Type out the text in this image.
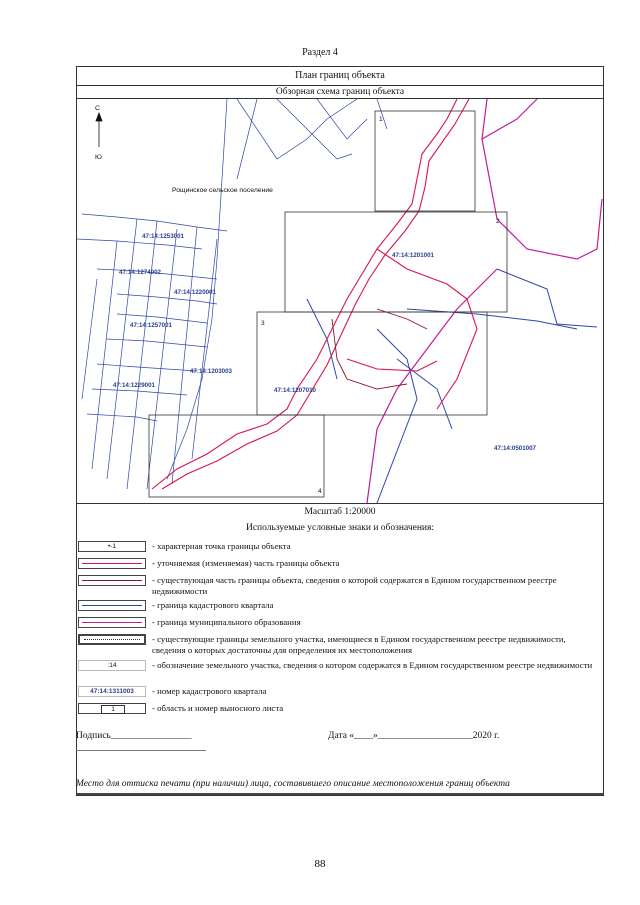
Раздел 4
План границ объекта
Обзорная схема границ объекта
С
Ю
Рощинское сельское поселение
47:14:1253001
47:14:1274002
47:14:1220001
47:14:1257001
47:14:1203003
47:14:1229001
47:14:1201001
47:14:1207010
47:14:0501007
1
2
3
4
Масштаб 1:20000
Используемые условные знаки и обозначения:
•-1	- характерная точка границы объекта
- уточняемая (изменяемая) часть границы объекта
- существующая часть границы объекта, сведения о которой содержатся в Едином государственном реестре недвижимости
- граница кадастрового квартала
- граница муниципального образования
- существующие границы земельного участка, имеющиеся в Едином государственном реестре недвижимости, сведения о которых достаточны для определения их местоположения
:14	- обозначение земельного участка, сведения о котором содержатся в Едином государственном реестре недвижимости
47:14:1311003	- номер кадастрового квартала
1	- область и номер выносного листа
Подпись_________________	Дата «____»____________________2020 г.
Место для оттиска печати (при наличии) лица, составившего описание местоположения границ объекта
88
